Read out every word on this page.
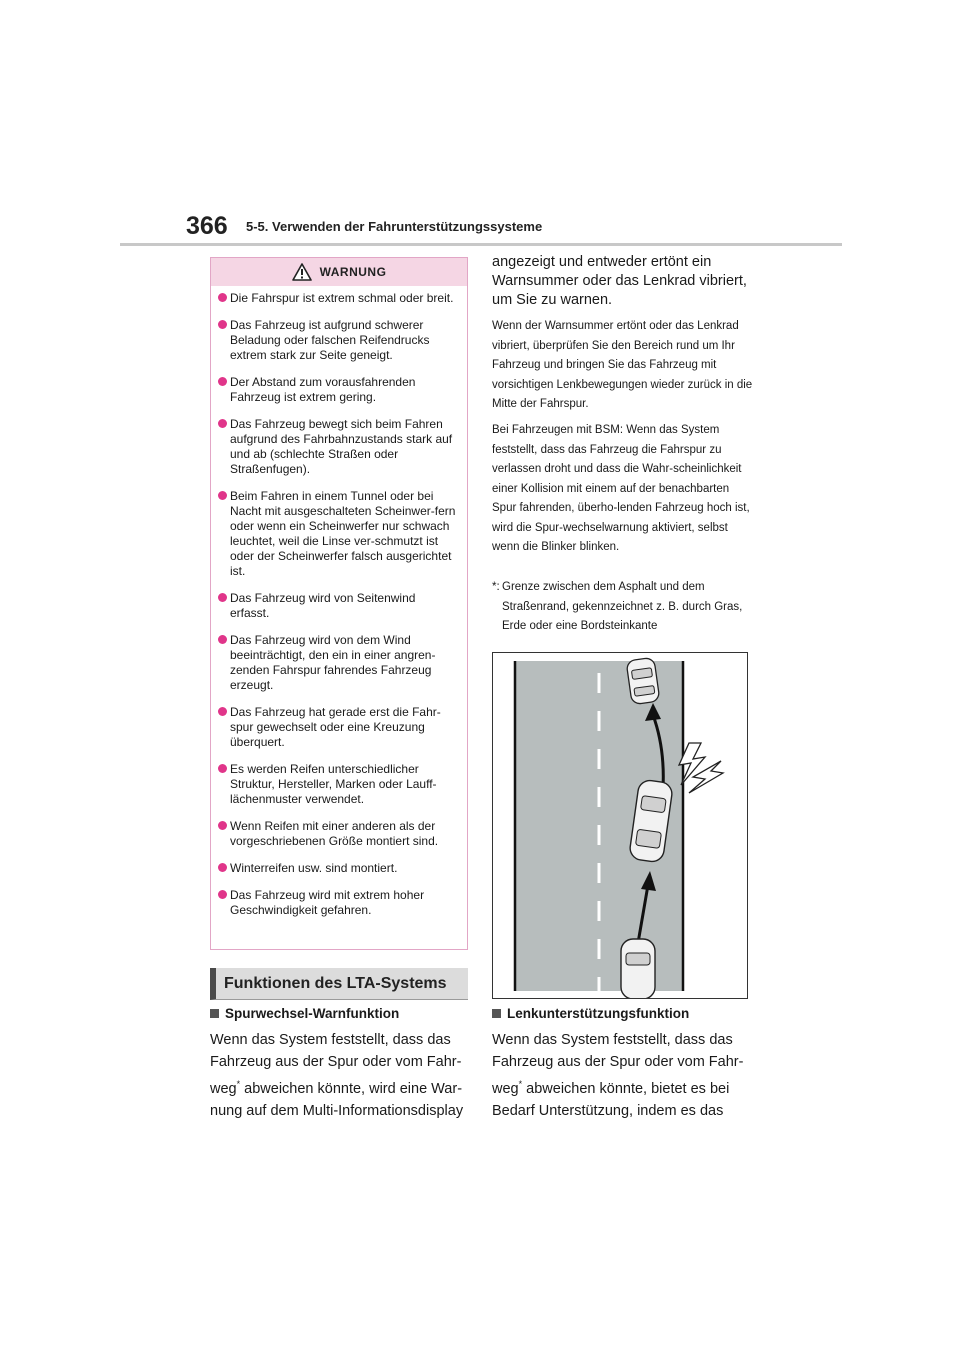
366 5-5. Verwenden der Fahrunterstützungssysteme
WARNUNG
Die Fahrspur ist extrem schmal oder breit.
Das Fahrzeug ist aufgrund schwerer Beladung oder falschen Reifendrucks extrem stark zur Seite geneigt.
Der Abstand zum vorausfahrenden Fahrzeug ist extrem gering.
Das Fahrzeug bewegt sich beim Fahren aufgrund des Fahrbahnzustands stark auf und ab (schlechte Straßen oder Straßenfugen).
Beim Fahren in einem Tunnel oder bei Nacht mit ausgeschalteten Scheinwer-fern oder wenn ein Scheinwerfer nur schwach leuchtet, weil die Linse ver-schmutzt ist oder der Scheinwerfer falsch ausgerichtet ist.
Das Fahrzeug wird von Seitenwind erfasst.
Das Fahrzeug wird von dem Wind beeinträchtigt, den ein in einer angren-zenden Fahrspur fahrendes Fahrzeug erzeugt.
Das Fahrzeug hat gerade erst die Fahr-spur gewechselt oder eine Kreuzung überquert.
Es werden Reifen unterschiedlicher Struktur, Hersteller, Marken oder Lauff-lächenmuster verwendet.
Wenn Reifen mit einer anderen als der vorgeschriebenen Größe montiert sind.
Winterreifen usw. sind montiert.
Das Fahrzeug wird mit extrem hoher Geschwindigkeit gefahren.
Funktionen des LTA-Systems
Spurwechsel-Warnfunktion
Wenn das System feststellt, dass das Fahrzeug aus der Spur oder vom Fahr-weg* abweichen könnte, wird eine War-nung auf dem Multi-Informationsdisplay
angezeigt und entweder ertönt ein Warnsummer oder das Lenkrad vibriert, um Sie zu warnen.
Wenn der Warnsummer ertönt oder das Lenkrad vibriert, überprüfen Sie den Bereich rund um Ihr Fahrzeug und bringen Sie das Fahrzeug mit vorsichtigen Lenkbewegungen wieder zurück in die Mitte der Fahrspur.
Bei Fahrzeugen mit BSM: Wenn das System feststellt, dass das Fahrzeug die Fahrspur zu verlassen droht und dass die Wahr-scheinlichkeit einer Kollision mit einem auf der benachbarten Spur fahrenden, überho-lenden Fahrzeug hoch ist, wird die Spur-wechselwarnung aktiviert, selbst wenn die Blinker blinken.
*: Grenze zwischen dem Asphalt und dem Straßenrand, gekennzeichnet z. B. durch Gras, Erde oder eine Bordsteinkante
Lenkunterstützungsfunktion
Wenn das System feststellt, dass das Fahrzeug aus der Spur oder vom Fahr-weg* abweichen könnte, bietet es bei Bedarf Unterstützung, indem es das
